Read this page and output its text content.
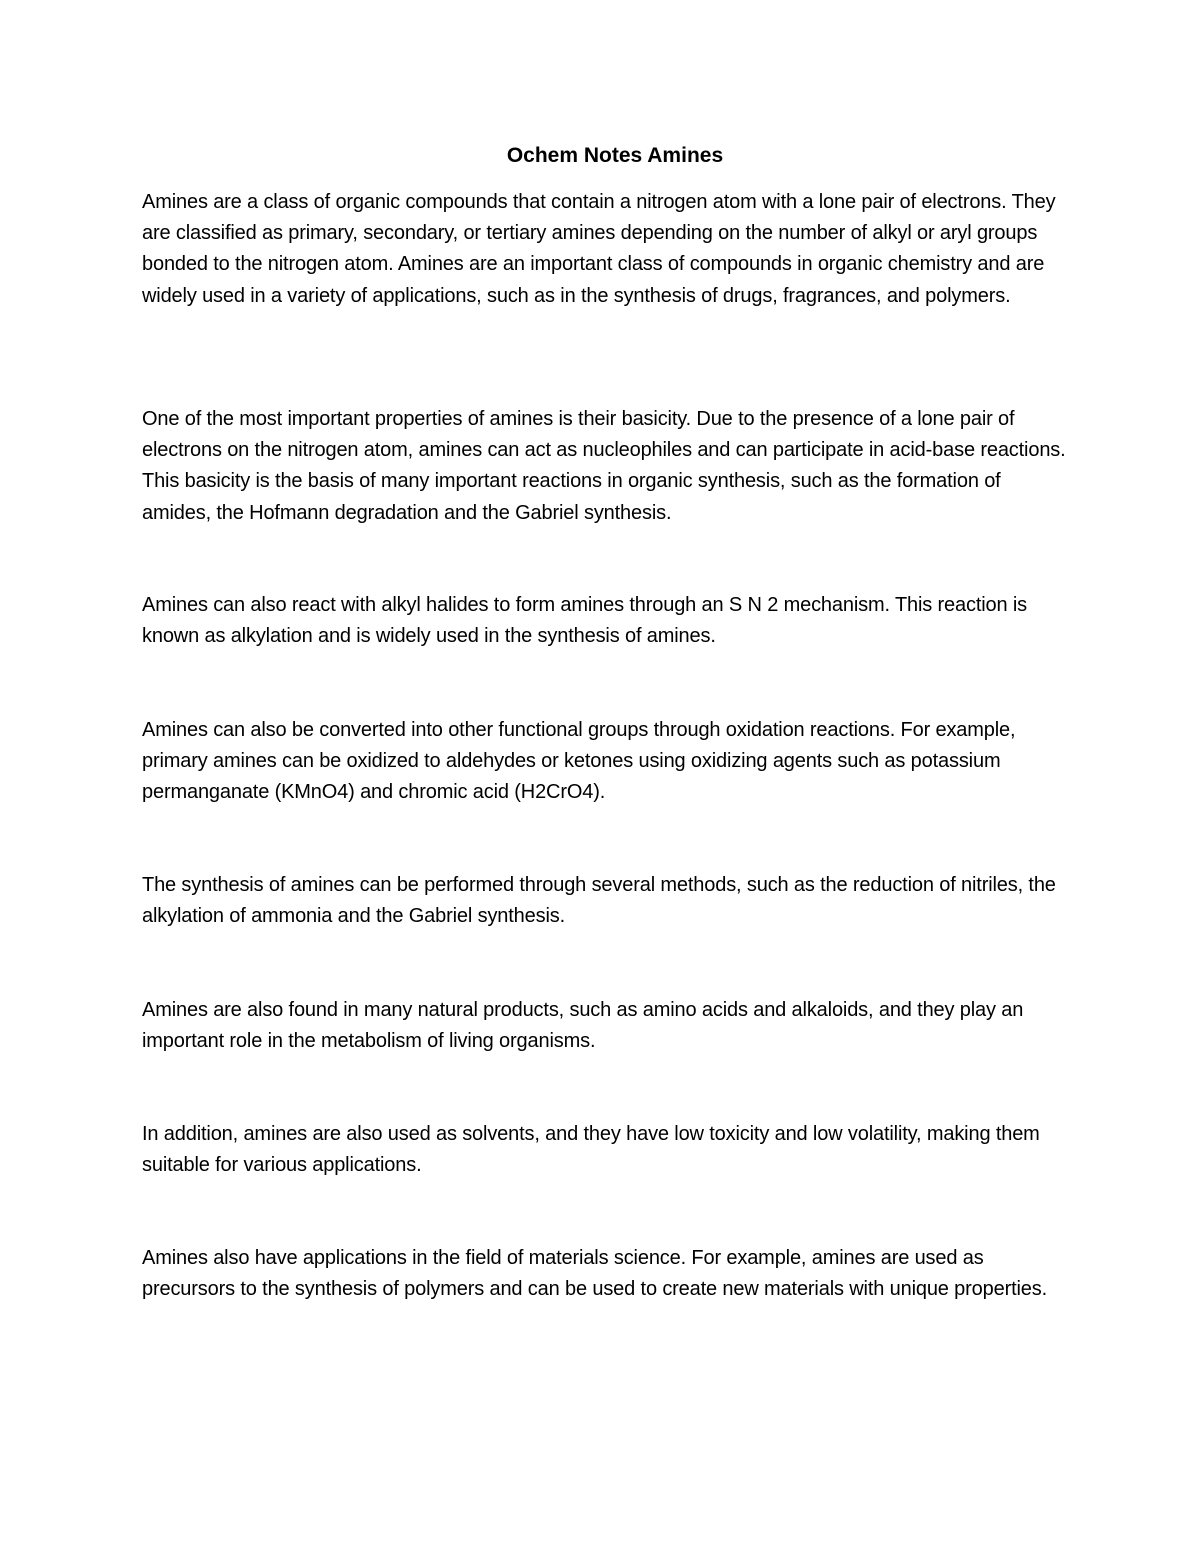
Ochem Notes Amines

Amines are a class of organic compounds that contain a nitrogen atom with a lone pair of electrons. They are classified as primary, secondary, or tertiary amines depending on the number of alkyl or aryl groups bonded to the nitrogen atom. Amines are an important class of compounds in organic chemistry and are widely used in a variety of applications, such as in the synthesis of drugs, fragrances, and polymers.

One of the most important properties of amines is their basicity. Due to the presence of a lone pair of electrons on the nitrogen atom, amines can act as nucleophiles and can participate in acid-base reactions. This basicity is the basis of many important reactions in organic synthesis, such as the formation of amides, the Hofmann degradation and the Gabriel synthesis.

Amines can also react with alkyl halides to form amines through an S N 2 mechanism. This reaction is known as alkylation and is widely used in the synthesis of amines.

Amines can also be converted into other functional groups through oxidation reactions. For example, primary amines can be oxidized to aldehydes or ketones using oxidizing agents such as potassium permanganate (KMnO4) and chromic acid (H2CrO4).

The synthesis of amines can be performed through several methods, such as the reduction of nitriles, the alkylation of ammonia and the Gabriel synthesis.

Amines are also found in many natural products, such as amino acids and alkaloids, and they play an important role in the metabolism of living organisms.

In addition, amines are also used as solvents, and they have low toxicity and low volatility, making them suitable for various applications.

Amines also have applications in the field of materials science. For example, amines are used as precursors to the synthesis of polymers and can be used to create new materials with unique properties.
